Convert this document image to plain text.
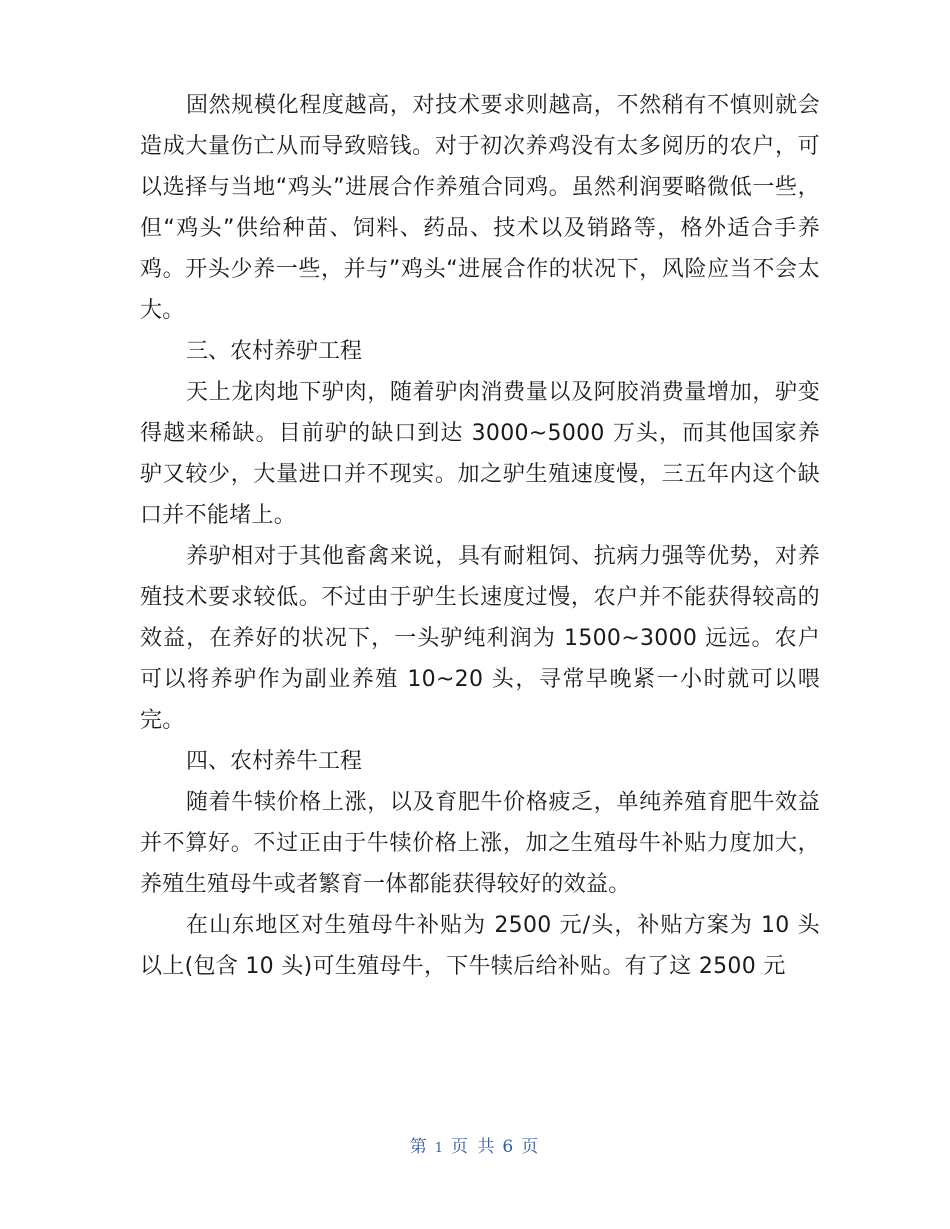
固然规模化程度越高，对技术要求则越高，不然稍有不慎则就会造成大量伤亡从而导致赔钱。对于初次养鸡没有太多阅历的农户，可以选择与当地“鸡头”进展合作养殖合同鸡。虽然利润要略微低一些，但“鸡头”供给种苗、饲料、药品、技术以及销路等，格外适合手养鸡。开头少养一些，并与”鸡头“进展合作的状况下，风险应当不会太大。

三、农村养驴工程

天上龙肉地下驴肉，随着驴肉消费量以及阿胶消费量增加，驴变得越来稀缺。目前驴的缺口到达 3000~5000 万头，而其他国家养驴又较少，大量进口并不现实。加之驴生殖速度慢，三五年内这个缺口并不能堵上。

养驴相对于其他畜禽来说，具有耐粗饲、抗病力强等优势，对养殖技术要求较低。不过由于驴生长速度过慢，农户并不能获得较高的效益，在养好的状况下，一头驴纯利润为 1500~3000 远远。农户可以将养驴作为副业养殖 10~20 头，寻常早晚紧一小时就可以喂完。

四、农村养牛工程

随着牛犊价格上涨，以及育肥牛价格疲乏，单纯养殖育肥牛效益并不算好。不过正由于牛犊价格上涨，加之生殖母牛补贴力度加大，养殖生殖母牛或者繁育一体都能获得较好的效益。

在山东地区对生殖母牛补贴为 2500 元/头，补贴方案为 10 头以上(包含 10 头)可生殖母牛，下牛犊后给补贴。有了这 2500 元

第 1 页 共 6 页
